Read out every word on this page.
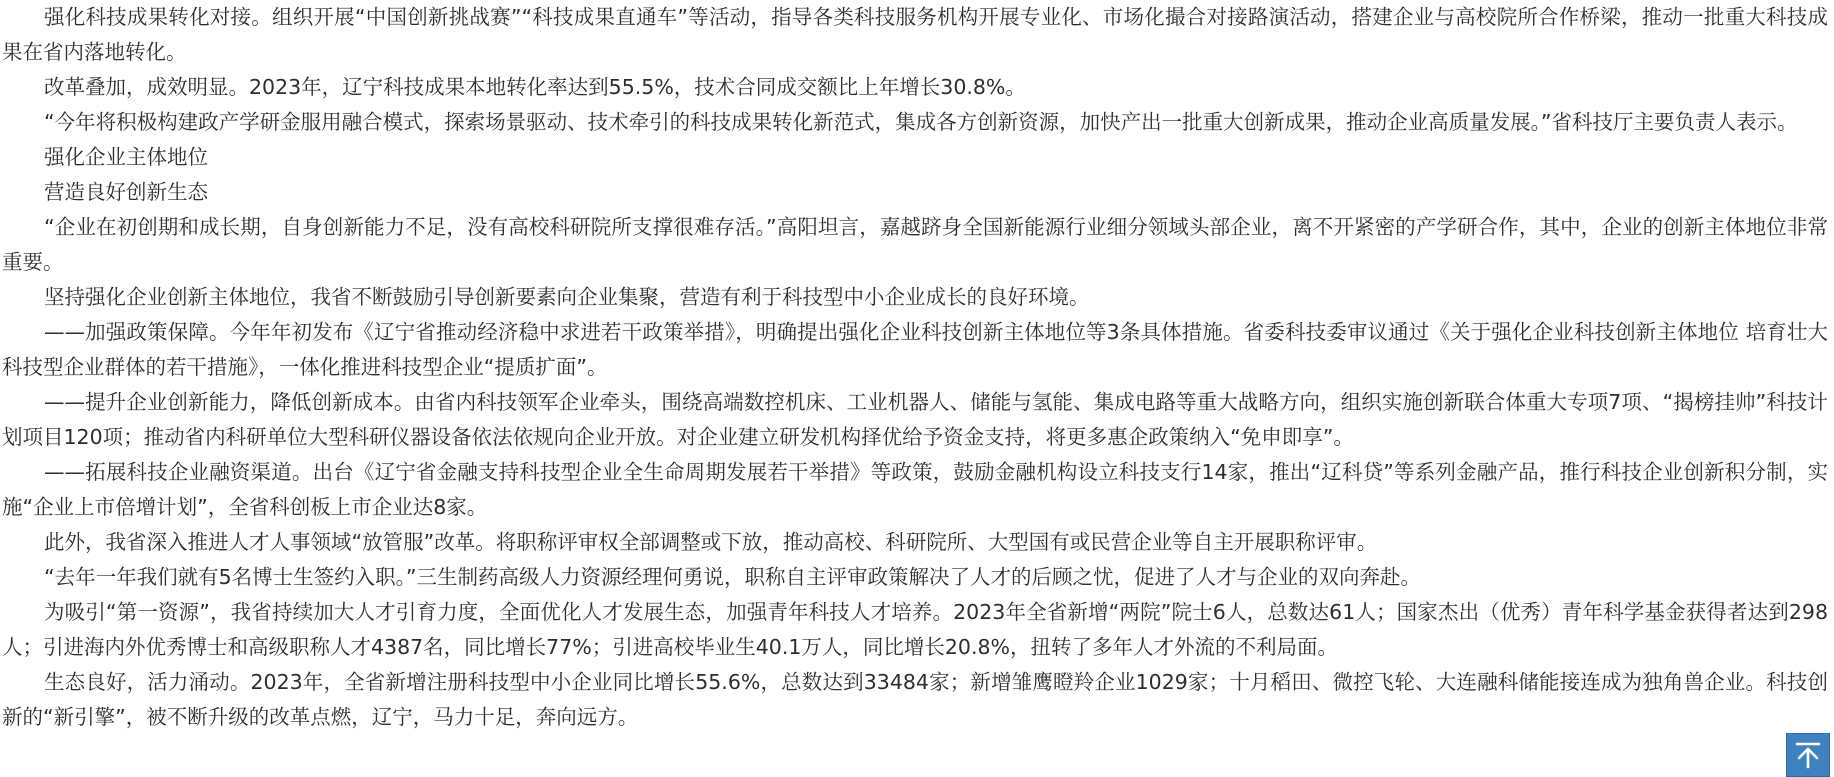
强化科技成果转化对接。组织开展“中国创新挑战赛”“科技成果直通车”等活动，指导各类科技服务机构开展专业化、市场化撮合对接路演活动，搭建企业与高校院所合作桥梁，推动一批重大科技成果在省内落地转化。

改革叠加，成效明显。2023年，辽宁科技成果本地转化率达到55.5%，技术合同成交额比上年增长30.8%。

“今年将积极构建政产学研金服用融合模式，探索场景驱动、技术牵引的科技成果转化新范式，集成各方创新资源，加快产出一批重大创新成果，推动企业高质量发展。”省科技厅主要负责人表示。

强化企业主体地位

营造良好创新生态

“企业在初创期和成长期，自身创新能力不足，没有高校科研院所支撑很难存活。”高阳坦言，嘉越跻身全国新能源行业细分领域头部企业，离不开紧密的产学研合作，其中，企业的创新主体地位非常重要。

坚持强化企业创新主体地位，我省不断鼓励引导创新要素向企业集聚，营造有利于科技型中小企业成长的良好环境。

——加强政策保障。今年年初发布《辽宁省推动经济稳中求进若干政策举措》，明确提出强化企业科技创新主体地位等3条具体措施。省委科技委审议通过《关于强化企业科技创新主体地位 培育壮大科技型企业群体的若干措施》，一体化推进科技型企业“提质扩面”。

——提升企业创新能力，降低创新成本。由省内科技领军企业牵头，围绕高端数控机床、工业机器人、储能与氢能、集成电路等重大战略方向，组织实施创新联合体重大专项7项、“揭榜挂帅”科技计划项目120项；推动省内科研单位大型科研仪器设备依法依规向企业开放。对企业建立研发机构择优给予资金支持，将更多惠企政策纳入“免申即享”。

——拓展科技企业融资渠道。出台《辽宁省金融支持科技型企业全生命周期发展若干举措》等政策，鼓励金融机构设立科技支行14家，推出“辽科贷”等系列金融产品，推行科技企业创新积分制，实施“企业上市倍增计划”，全省科创板上市企业达8家。

此外，我省深入推进人才人事领域“放管服”改革。将职称评审权全部调整或下放，推动高校、科研院所、大型国有或民营企业等自主开展职称评审。

“去年一年我们就有5名博士生签约入职。”三生制药高级人力资源经理何勇说，职称自主评审政策解决了人才的后顾之忧，促进了人才与企业的双向奔赴。

为吸引“第一资源”，我省持续加大人才引育力度，全面优化人才发展生态，加强青年科技人才培养。2023年全省新增“两院”院士6人，总数达61人；国家杰出（优秀）青年科学基金获得者达到298人；引进海内外优秀博士和高级职称人才4387名，同比增长77%；引进高校毕业生40.1万人，同比增长20.8%，扭转了多年人才外流的不利局面。

生态良好，活力涌动。2023年，全省新增注册科技型中小企业同比增长55.6%，总数达到33484家；新增雏鹰瞪羚企业1029家；十月稻田、微控飞轮、大连融科储能接连成为独角兽企业。科技创新的“新引擎”，被不断升级的改革点燃，辽宁，马力十足，奔向远方。
